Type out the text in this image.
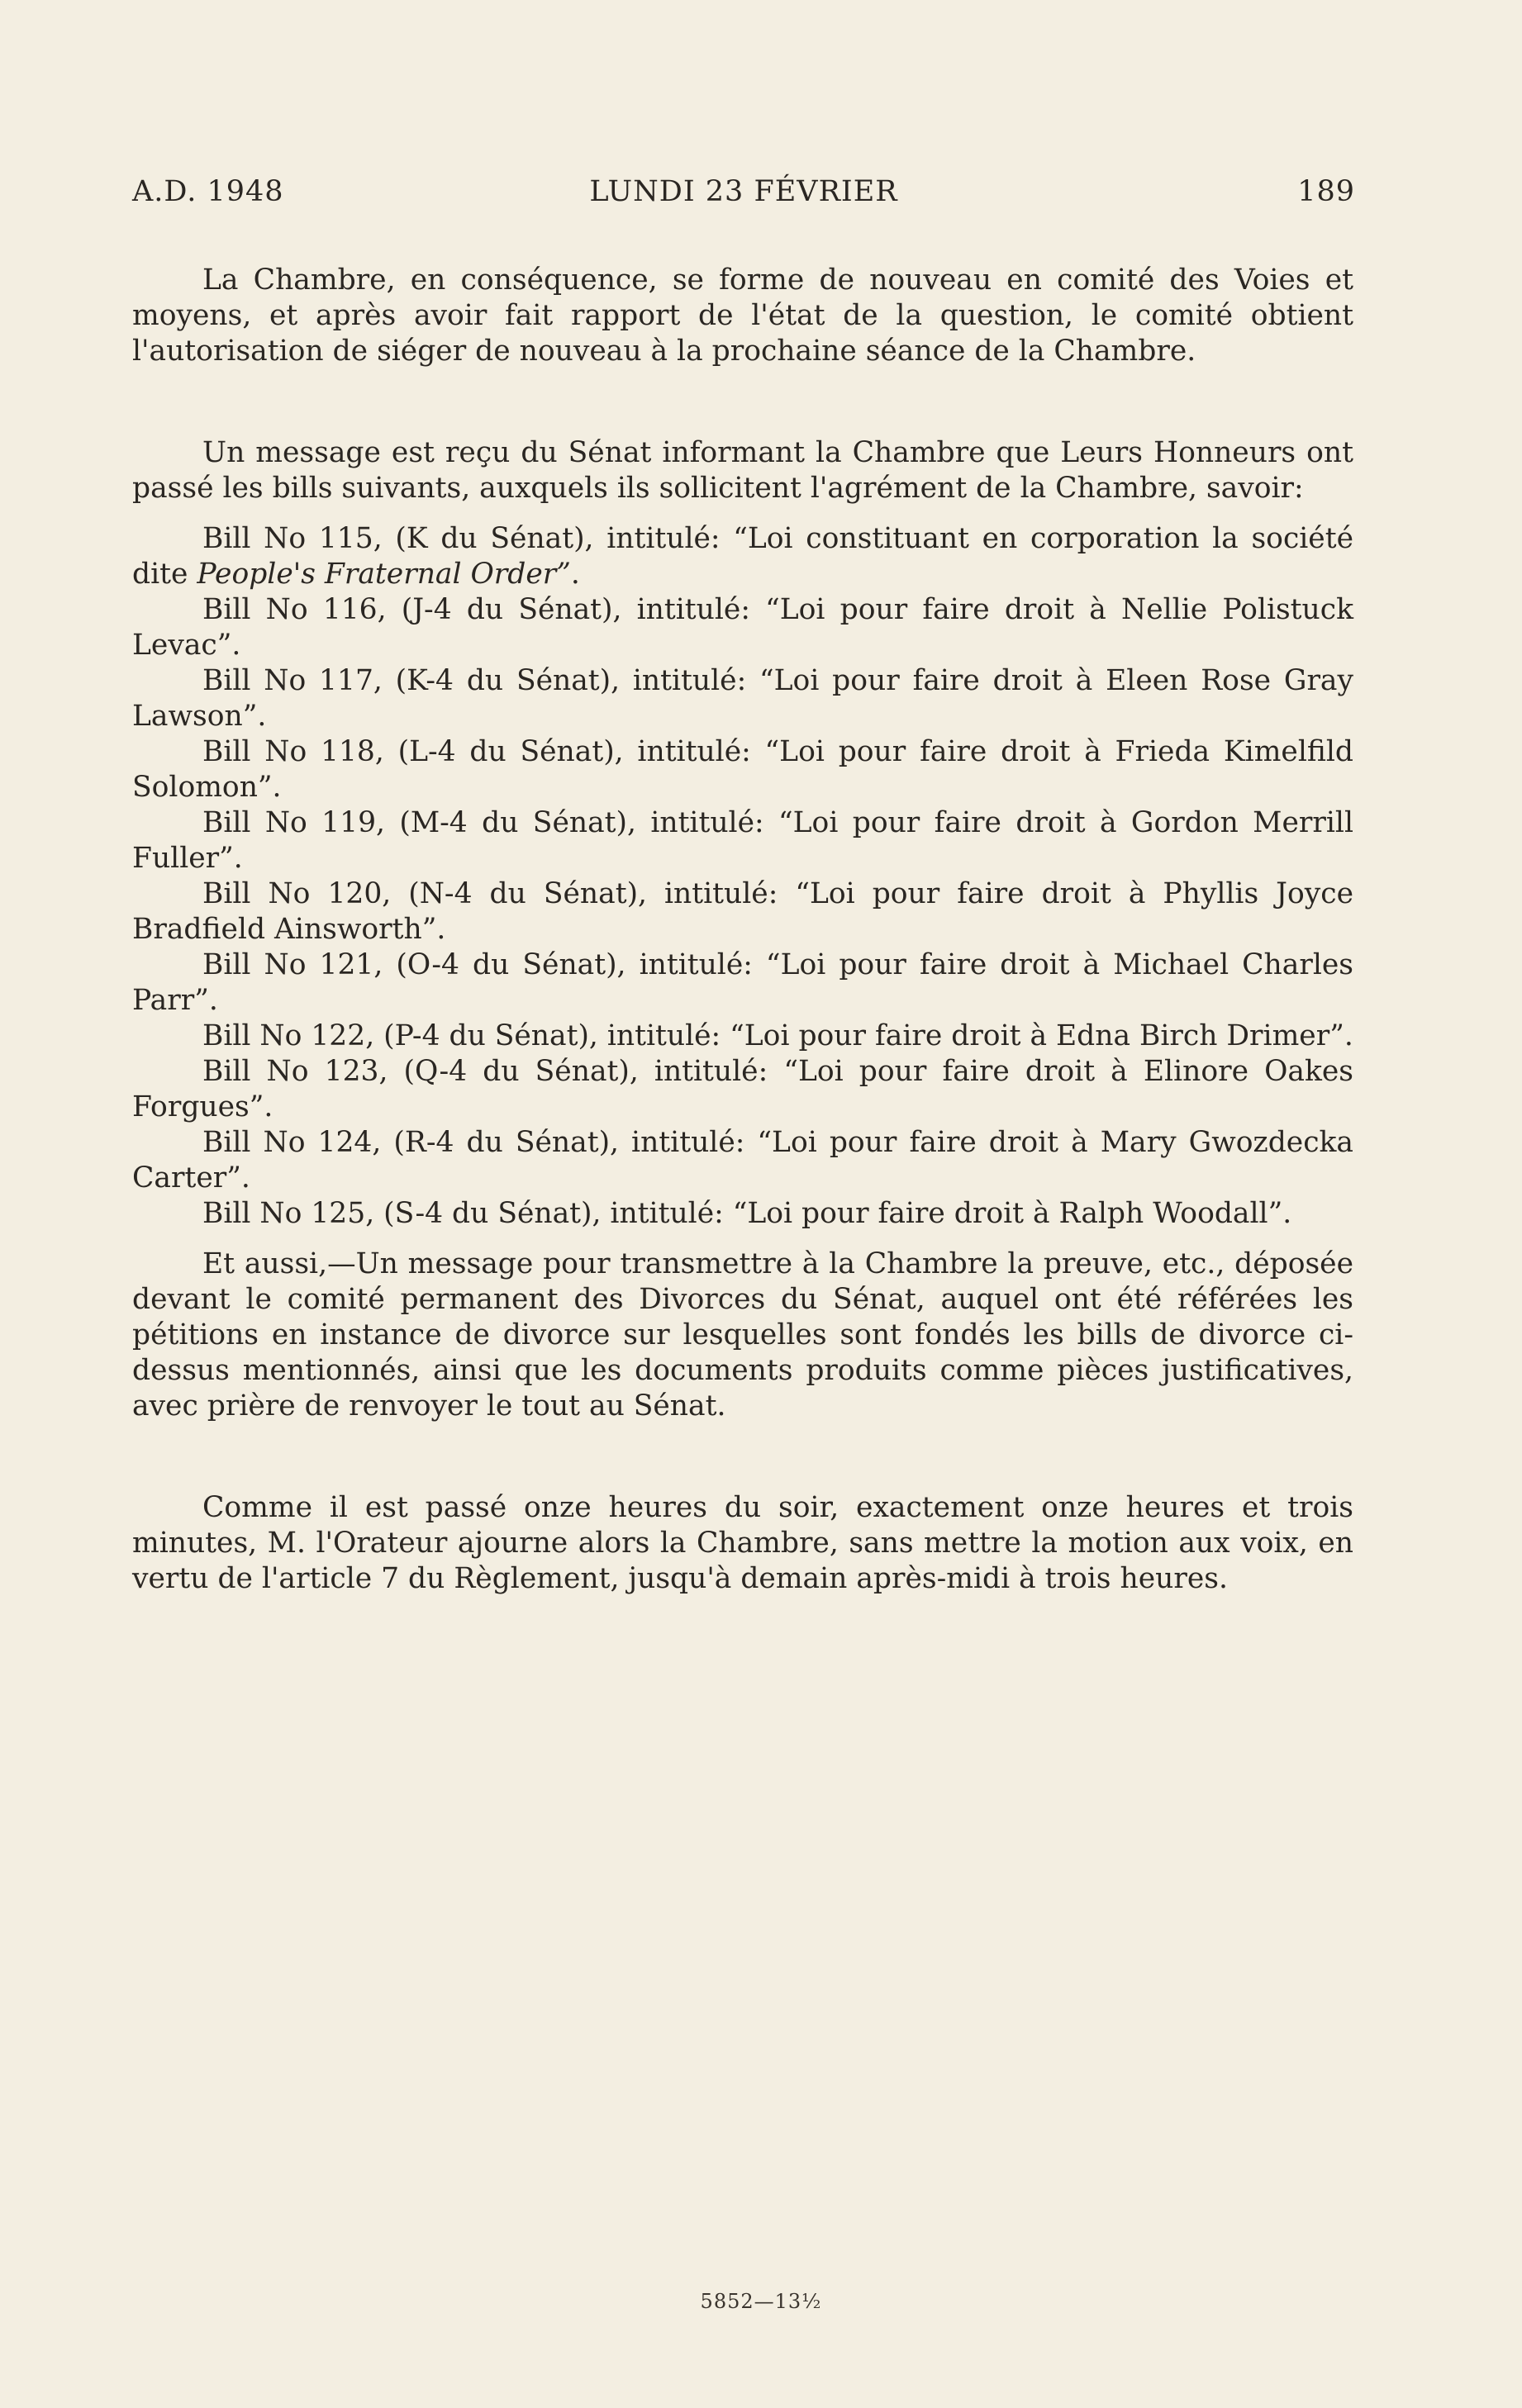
A.D. 1948	LUNDI 23 FÉVRIER	189

La Chambre, en conséquence, se forme de nouveau en comité des Voies et moyens, et après avoir fait rapport de l'état de la question, le comité obtient l'autorisation de siéger de nouveau à la prochaine séance de la Chambre.

Un message est reçu du Sénat informant la Chambre que Leurs Honneurs ont passé les bills suivants, auxquels ils sollicitent l'agrément de la Chambre, savoir:

Bill No 115, (K du Sénat), intitulé: “Loi constituant en corporation la société dite People's Fraternal Order”.

Bill No 116, (J-4 du Sénat), intitulé: “Loi pour faire droit à Nellie Polistuck Levac”.

Bill No 117, (K-4 du Sénat), intitulé: “Loi pour faire droit à Eleen Rose Gray Lawson”.

Bill No 118, (L-4 du Sénat), intitulé: “Loi pour faire droit à Frieda Kimelfild Solomon”.

Bill No 119, (M-4 du Sénat), intitulé: “Loi pour faire droit à Gordon Merrill Fuller”.

Bill No 120, (N-4 du Sénat), intitulé: “Loi pour faire droit à Phyllis Joyce Bradfield Ainsworth”.

Bill No 121, (O-4 du Sénat), intitulé: “Loi pour faire droit à Michael Charles Parr”.

Bill No 122, (P-4 du Sénat), intitulé: “Loi pour faire droit à Edna Birch Drimer”.

Bill No 123, (Q-4 du Sénat), intitulé: “Loi pour faire droit à Elinore Oakes Forgues”.

Bill No 124, (R-4 du Sénat), intitulé: “Loi pour faire droit à Mary Gwozdecka Carter”.

Bill No 125, (S-4 du Sénat), intitulé: “Loi pour faire droit à Ralph Woodall”.

Et aussi,—Un message pour transmettre à la Chambre la preuve, etc., déposée devant le comité permanent des Divorces du Sénat, auquel ont été référées les pétitions en instance de divorce sur lesquelles sont fondés les bills de divorce ci-dessus mentionnés, ainsi que les documents produits comme pièces justificatives, avec prière de renvoyer le tout au Sénat.

Comme il est passé onze heures du soir, exactement onze heures et trois minutes, M. l'Orateur ajourne alors la Chambre, sans mettre la motion aux voix, en vertu de l'article 7 du Règlement, jusqu'à demain après-midi à trois heures.

5852—13½
